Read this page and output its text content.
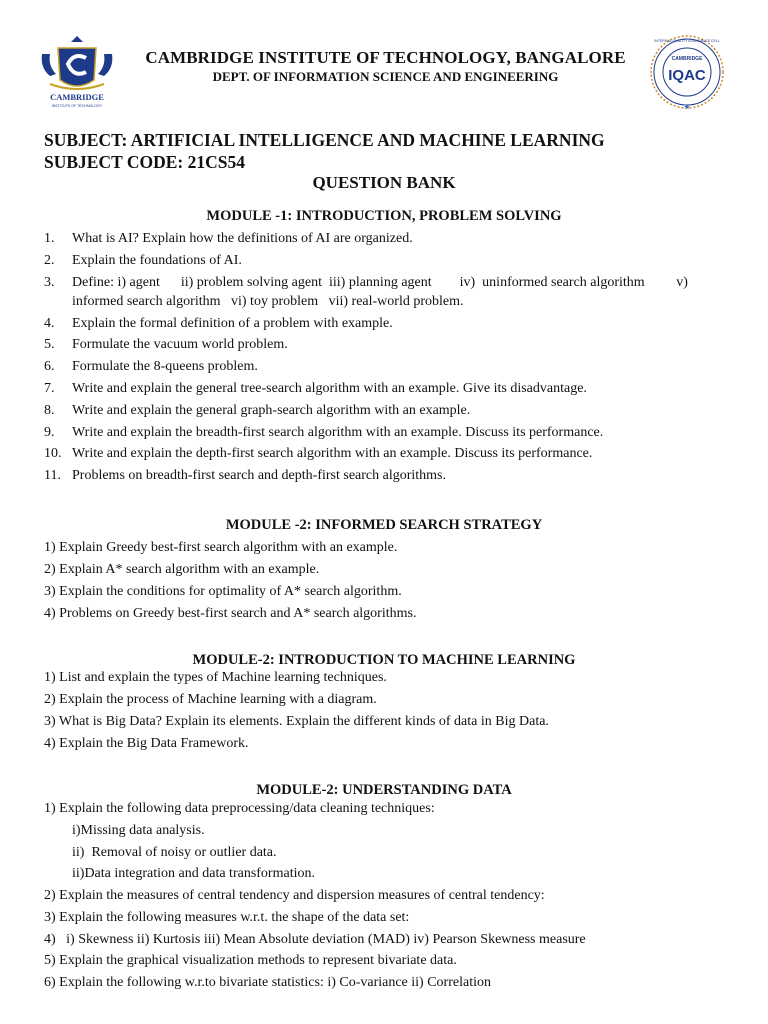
CAMBRIDGE
INSTITUTE OF TECHNOLOGY
CAMBRIDGE
IQAC
INTERNAL QUALITY ASSURANCE CELL
CAMBRIDGE INSTITUTE OF TECHNOLOGY, BANGALORE
DEPT. OF INFORMATION SCIENCE AND ENGINEERING
SUBJECT: ARTIFICIAL INTELLIGENCE AND MACHINE LEARNING
SUBJECT CODE: 21CS54
QUESTION BANK
MODULE -1: INTRODUCTION, PROBLEM SOLVING
1. What is AI? Explain how the definitions of AI are organized.
2. Explain the foundations of AI.
3. Define: i) agent      ii) problem solving agent  iii) planning agent        iv)  uninformed search algorithm         v)
informed search algorithm   vi) toy problem   vii) real-world problem.
4. Explain the formal definition of a problem with example.
5. Formulate the vacuum world problem.
6. Formulate the 8-queens problem.
7. Write and explain the general tree-search algorithm with an example. Give its disadvantage.
8. Write and explain the general graph-search algorithm with an example.
9. Write and explain the breadth-first search algorithm with an example. Discuss its performance.
10. Write and explain the depth-first search algorithm with an example. Discuss its performance.
11. Problems on breadth-first search and depth-first search algorithms.
MODULE -2: INFORMED SEARCH STRATEGY
1) Explain Greedy best-first search algorithm with an example.
2) Explain A* search algorithm with an example.
3) Explain the conditions for optimality of A* search algorithm.
4) Problems on Greedy best-first search and A* search algorithms.
MODULE-2: INTRODUCTION TO MACHINE LEARNING
1) List and explain the types of Machine learning techniques.
2) Explain the process of Machine learning with a diagram.
3) What is Big Data? Explain its elements. Explain the different kinds of data in Big Data.
4) Explain the Big Data Framework.
MODULE-2: UNDERSTANDING DATA
1) Explain the following data preprocessing/data cleaning techniques:
i)Missing data analysis.
ii)  Removal of noisy or outlier data.
ii)Data integration and data transformation.
2) Explain the measures of central tendency and dispersion measures of central tendency:
3) Explain the following measures w.r.t. the shape of the data set:
4)   i) Skewness ii) Kurtosis iii) Mean Absolute deviation (MAD) iv) Pearson Skewness measure
5) Explain the graphical visualization methods to represent bivariate data.
6) Explain the following w.r.to bivariate statistics: i) Co-variance ii) Correlation
